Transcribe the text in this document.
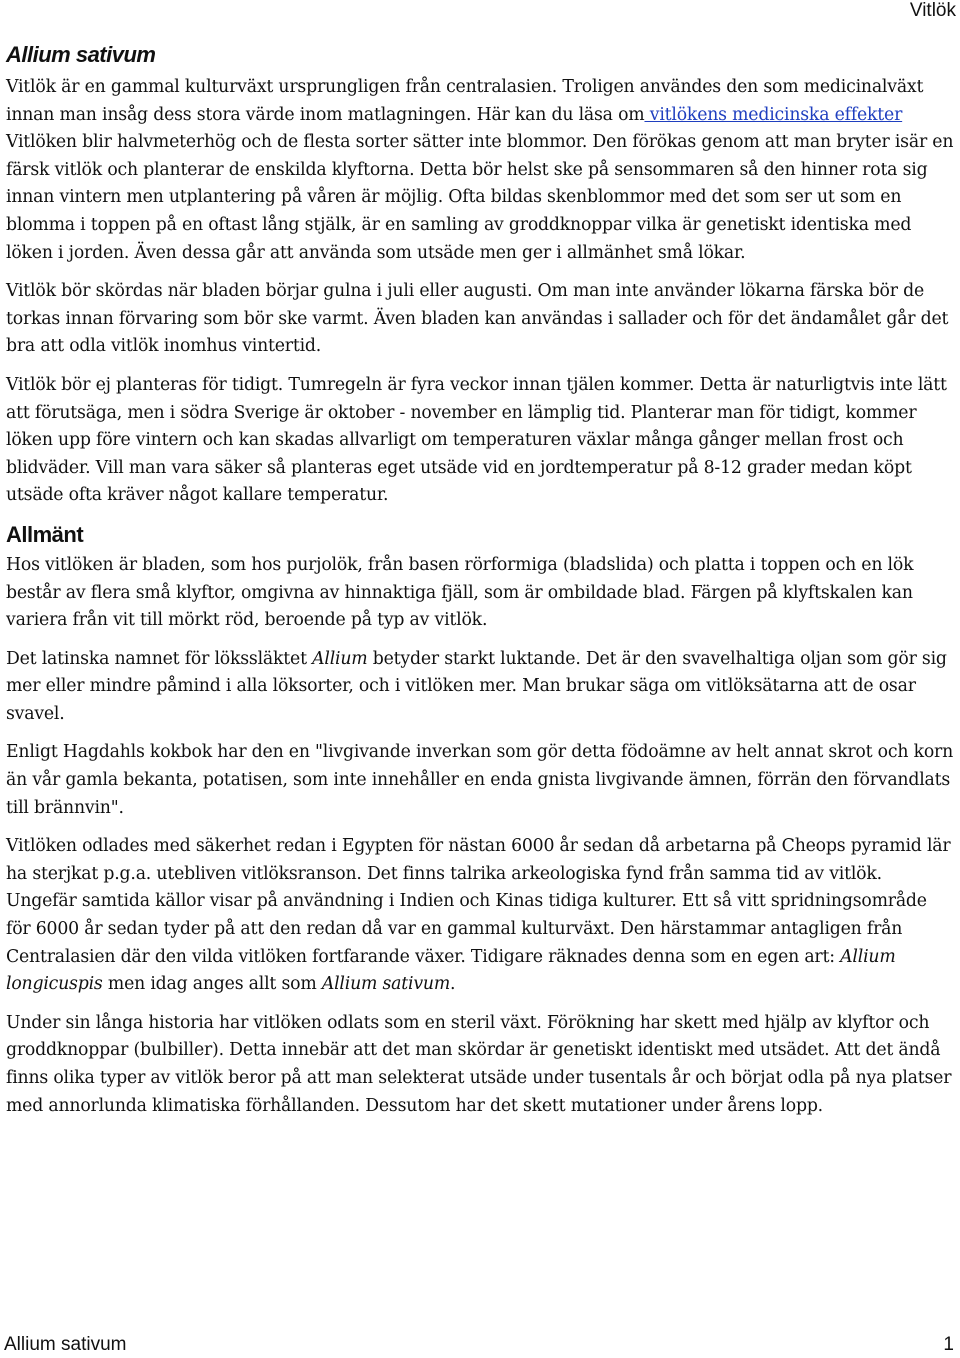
Vitlök
Allium sativum

Vitlök är en gammal kulturväxt ursprungligen från centralasien. Troligen användes den som medicinalväxt innan man insåg dess stora värde inom matlagningen. Här kan du läsa om vitlökens medicinska effekter

Vitlöken blir halvmeterhög och de flesta sorter sätter inte blommor. Den förökas genom att man bryter isär en färsk vitlök och planterar de enskilda klyftorna. Detta bör helst ske på sensommaren så den hinner rota sig innan vintern men utplantering på våren är möjlig. Ofta bildas skenblommor med det som ser ut som en blomma i toppen på en oftast lång stjälk, är en samling av groddknoppar vilka är genetiskt identiska med löken i jorden. Även dessa går att använda som utsäde men ger i allmänhet små lökar.

Vitlök bör skördas när bladen börjar gulna i juli eller augusti. Om man inte använder lökarna färska bör de torkas innan förvaring som bör ske varmt. Även bladen kan användas i sallader och för det ändamålet går det bra att odla vitlök inomhus vintertid.

Vitlök bör ej planteras för tidigt. Tumregeln är fyra veckor innan tjälen kommer. Detta är naturligtvis inte lätt att förutsäga, men i södra Sverige är oktober - november en lämplig tid. Planterar man för tidigt, kommer löken upp före vintern och kan skadas allvarligt om temperaturen växlar många gånger mellan frost och blidväder. Vill man vara säker så planteras eget utsäde vid en jordtemperatur på 8-12 grader medan köpt utsäde ofta kräver något kallare temperatur.

Allmänt

Hos vitlöken är bladen, som hos purjolök, från basen rörformiga (bladslida) och platta i toppen och en lök består av flera små klyftor, omgivna av hinnaktiga fjäll, som är ombildade blad. Färgen på klyftskalen kan variera från vit till mörkt röd, beroende på typ av vitlök.

Det latinska namnet för lökssläktet Allium betyder starkt luktande. Det är den svavelhaltiga oljan som gör sig mer eller mindre påmind i alla löksorter, och i vitlöken mer. Man brukar säga om vitlöksätarna att de osar svavel.

Enligt Hagdahls kokbok har den en "livgivande inverkan som gör detta födoämne av helt annat skrot och korn än vår gamla bekanta, potatisen, som inte innehåller en enda gnista livgivande ämnen, förrän den förvandlats till brännvin".

Vitlöken odlades med säkerhet redan i Egypten för nästan 6000 år sedan då arbetarna på Cheops pyramid lär ha sterjkat p.g.a. utebliven vitlöksranson. Det finns talrika arkeologiska fynd från samma tid av vitlök. Ungefär samtida källor visar på användning i Indien och Kinas tidiga kulturer. Ett så vitt spridningsområde för 6000 år sedan tyder på att den redan då var en gammal kulturväxt. Den härstammar antagligen från Centralasien där den vilda vitlöken fortfarande växer. Tidigare räknades denna som en egen art: Allium longicuspis men idag anges allt som Allium sativum.

Under sin långa historia har vitlöken odlats som en steril växt. Förökning har skett med hjälp av klyftor och groddknoppar (bulbiller). Detta innebär att det man skördar är genetiskt identiskt med utsädet. Att det ändå finns olika typer av vitlök beror på att man selekterat utsäde under tusentals år och börjat odla på nya platser med annorlunda klimatiska förhållanden. Dessutom har det skett mutationer under årens lopp.

Allium sativum	1
